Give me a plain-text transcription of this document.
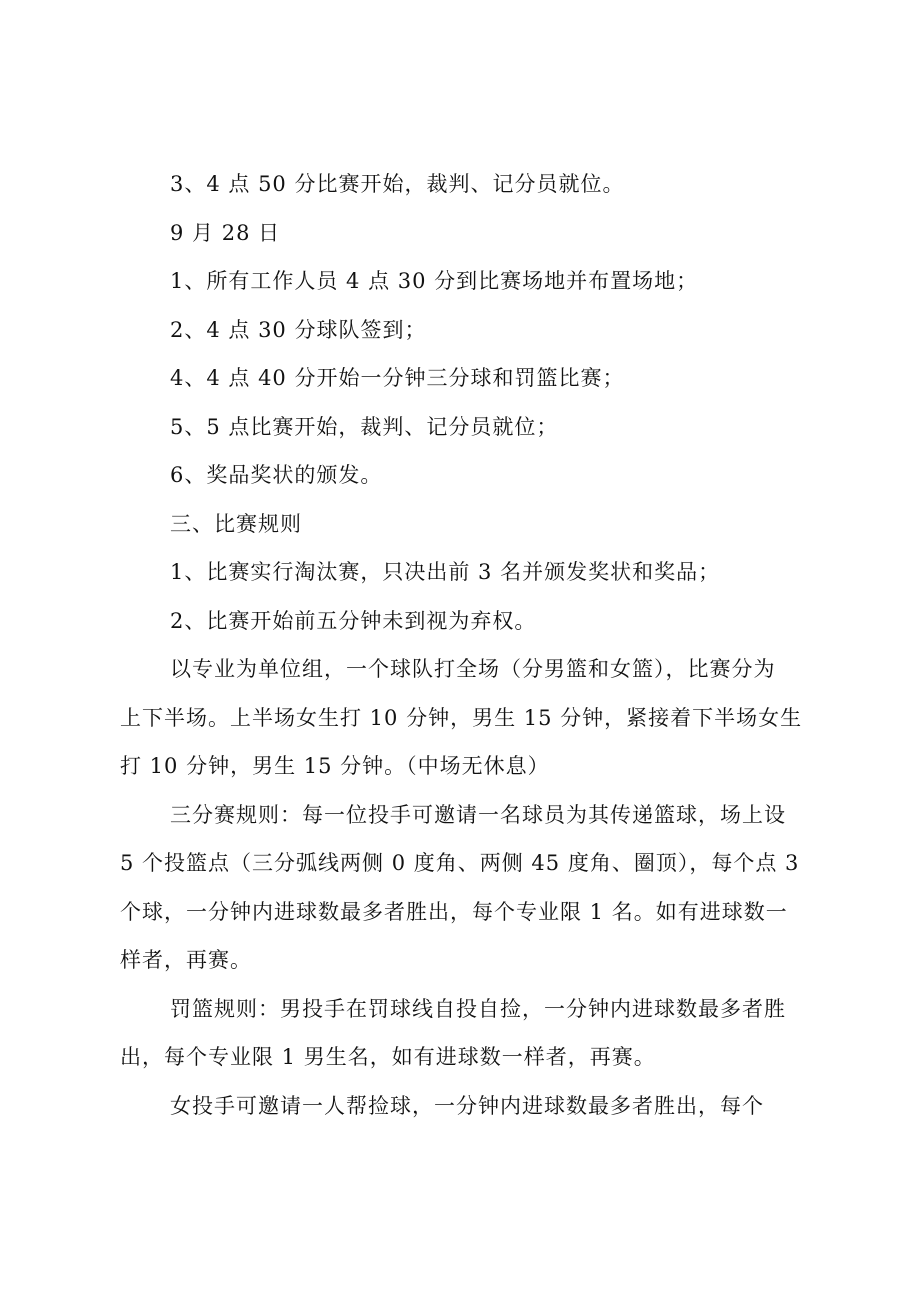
3、4 点 50 分比赛开始，裁判、记分员就位。
9 月 28 日
1、所有工作人员 4 点 30 分到比赛场地并布置场地；
2、4 点 30 分球队签到；
4、4 点 40 分开始一分钟三分球和罚篮比赛；
5、5 点比赛开始，裁判、记分员就位；
6、奖品奖状的颁发。
三、比赛规则
1、比赛实行淘汰赛，只决出前 3 名并颁发奖状和奖品；
2、比赛开始前五分钟未到视为弃权。

以专业为单位组，一个球队打全场（分男篮和女篮），比赛分为
上下半场。上半场女生打 10 分钟，男生 15 分钟，紧接着下半场女生
打 10 分钟，男生 15 分钟。（中场无休息）

三分赛规则：每一位投手可邀请一名球员为其传递篮球，场上设
5 个投篮点（三分弧线两侧 0 度角、两侧 45 度角、圈顶），每个点 3
个球，一分钟内进球数最多者胜出，每个专业限 1 名。如有进球数一
样者，再赛。

罚篮规则：男投手在罚球线自投自捡，一分钟内进球数最多者胜
出，每个专业限 1 男生名，如有进球数一样者，再赛。

女投手可邀请一人帮捡球，一分钟内进球数最多者胜出，每个
